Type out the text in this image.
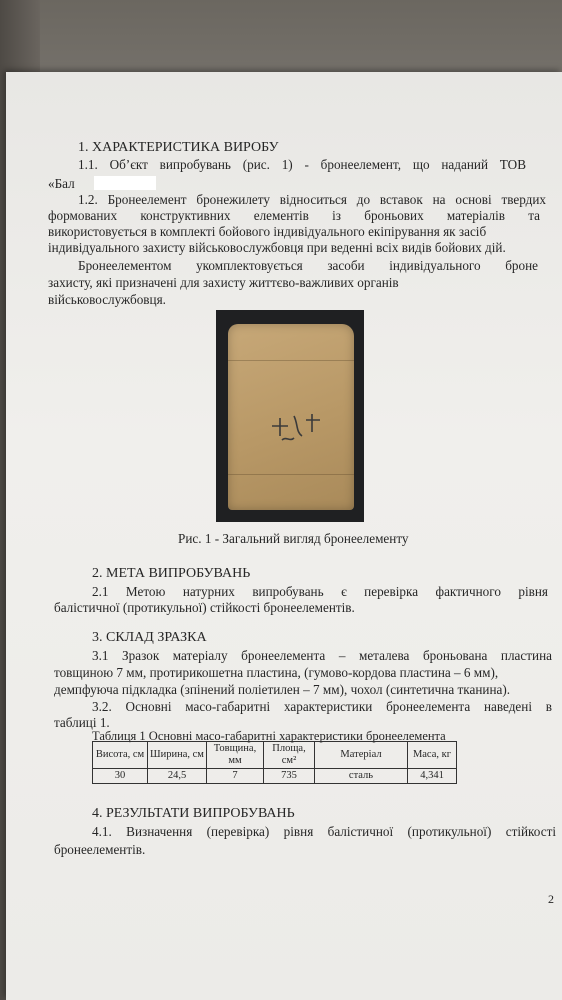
1. ХАРАКТЕРИСТИКА ВИРОБУ
1.1. Об’єкт випробувань (рис. 1) - бронеелемент, що наданий ТОВ
«Бал
1.2. Бронеелемент бронежилету відноситься до вставок на основі твердих
формованих конструктивних елементів із броньових матеріалів та
використовується в комплекті бойового індивідуального екіпірування як засіб
індивідуального захисту військовослужбовця при веденні всіх видів бойових дій.
Бронеелементом укомплектовується засоби індивідуального броне
захисту, які призначені для захисту життєво-важливих органів
військовослужбовця.
Рис. 1 - Загальний вигляд бронеелементу
2. МЕТА ВИПРОБУВАНЬ
2.1 Метою натурних випробувань є перевірка фактичного рівня
балістичної (протикульної) стійкості бронеелементів.
3. СКЛАД ЗРАЗКА
3.1 Зразок матеріалу бронеелемента – металева броньована пластина
товщиною 7 мм, протирикошетна пластина, (гумово-кордова пластина – 6 мм),
демпфуюча підкладка (зпінений поліетилен – 7 мм), чохол (синтетична тканина).
3.2. Основні масо-габаритні характеристики бронеелемента наведені в
таблиці 1.
Таблиця 1 Основні масо-габаритні характеристики бронеелемента
Висота, см	Ширина, см	Товщина, мм	Площа, см²	Матеріал	Маса, кг
30	24,5	7	735	сталь	4,341
4. РЕЗУЛЬТАТИ ВИПРОБУВАНЬ
4.1. Визначення (перевірка) рівня балістичної (протикульної) стійкості
бронеелементів.
2
